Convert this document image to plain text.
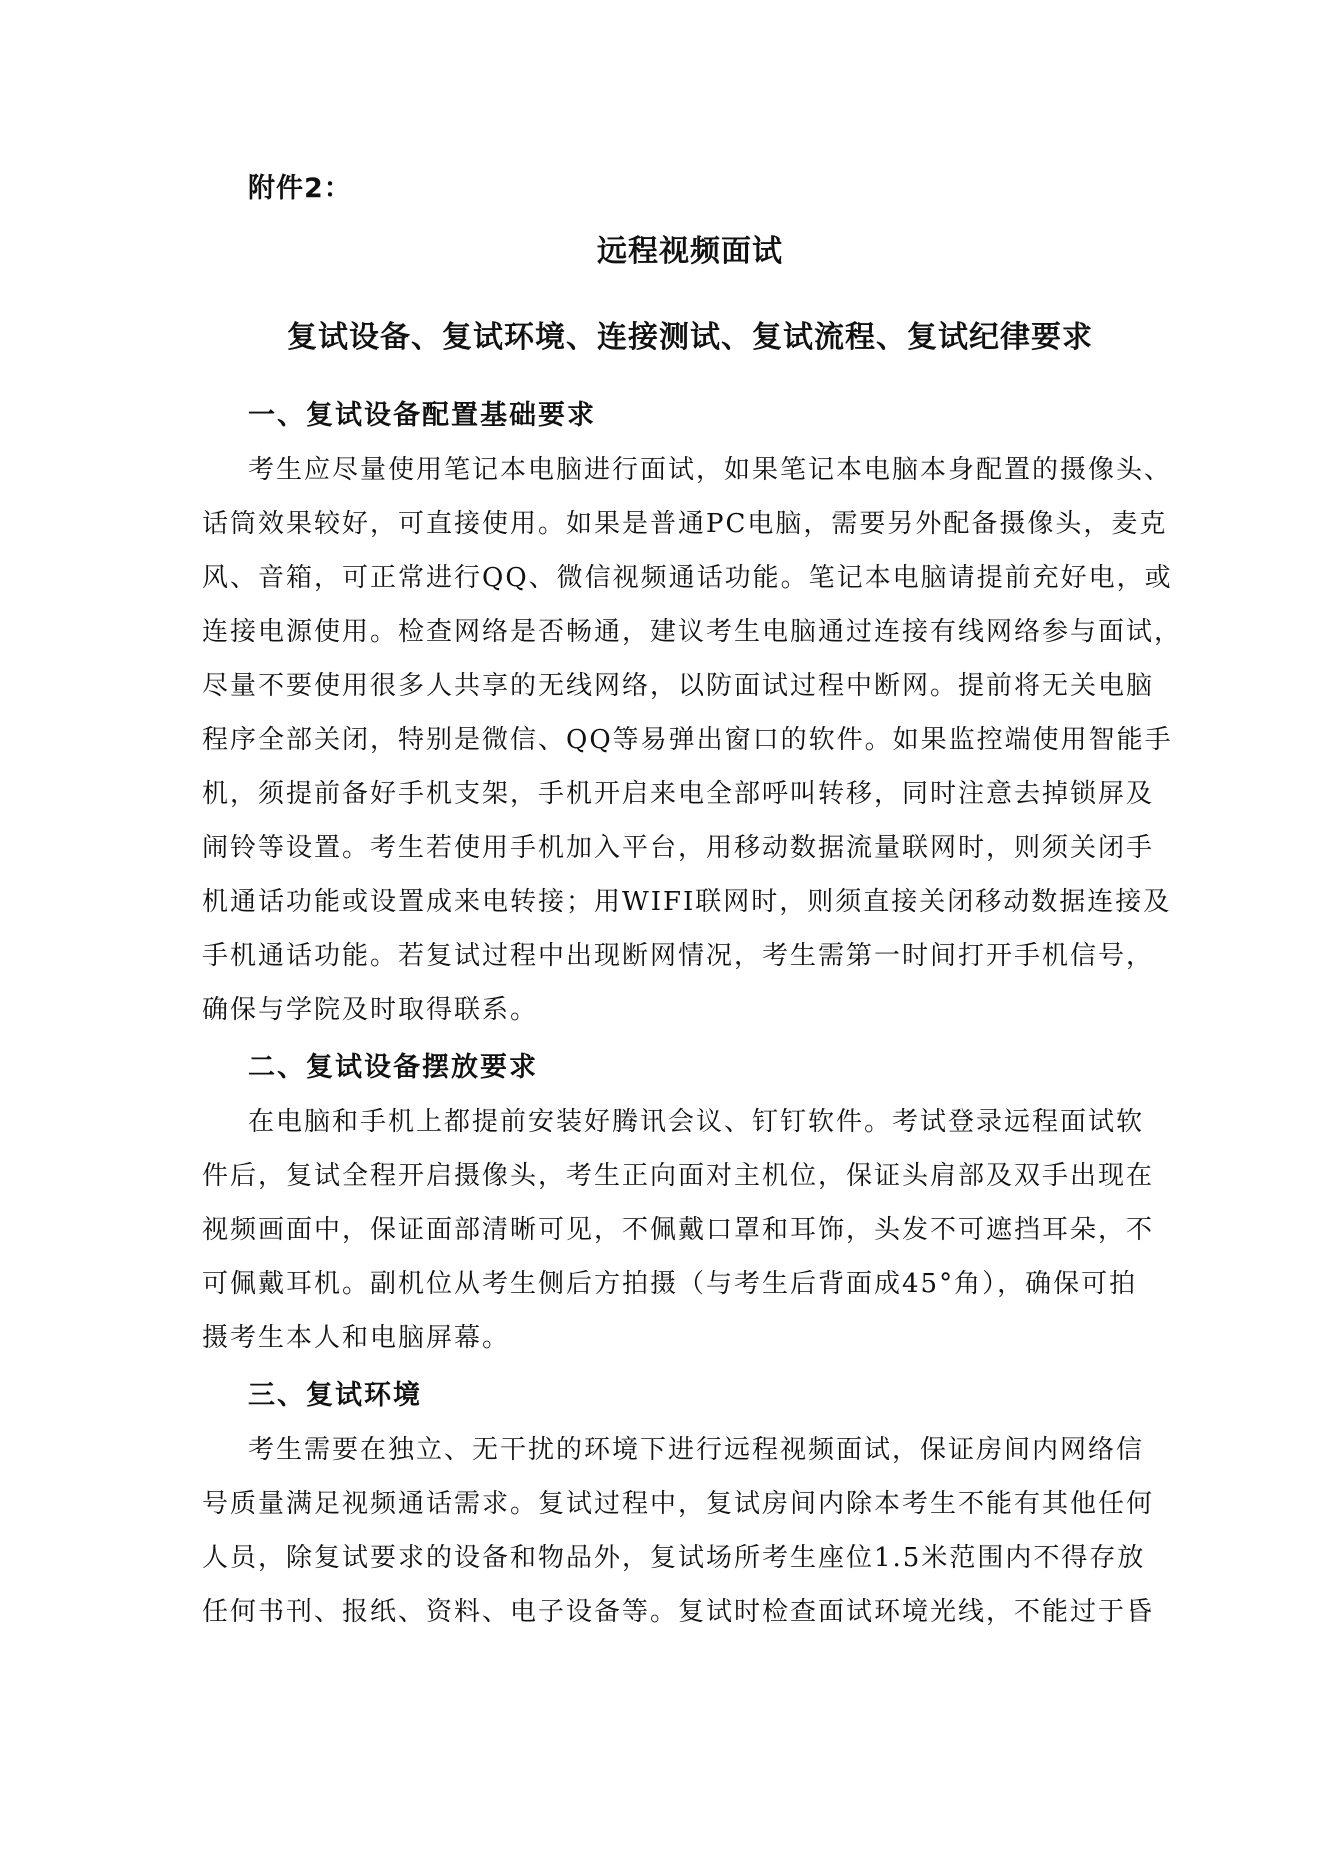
附件2：
远程视频面试
复试设备、复试环境、连接测试、复试流程、复试纪律要求
一、复试设备配置基础要求
考生应尽量使用笔记本电脑进行面试，如果笔记本电脑本身配置的摄像头、
话筒效果较好，可直接使用。如果是普通PC电脑，需要另外配备摄像头，麦克
风、音箱，可正常进行QQ、微信视频通话功能。笔记本电脑请提前充好电，或
连接电源使用。检查网络是否畅通，建议考生电脑通过连接有线网络参与面试，
尽量不要使用很多人共享的无线网络，以防面试过程中断网。提前将无关电脑
程序全部关闭，特别是微信、QQ等易弹出窗口的软件。如果监控端使用智能手
机，须提前备好手机支架，手机开启来电全部呼叫转移，同时注意去掉锁屏及
闹铃等设置。考生若使用手机加入平台，用移动数据流量联网时，则须关闭手
机通话功能或设置成来电转接；用WIFI联网时，则须直接关闭移动数据连接及
手机通话功能。若复试过程中出现断网情况，考生需第一时间打开手机信号，
确保与学院及时取得联系。
二、复试设备摆放要求
在电脑和手机上都提前安装好腾讯会议、钉钉软件。考试登录远程面试软
件后，复试全程开启摄像头，考生正向面对主机位，保证头肩部及双手出现在
视频画面中，保证面部清晰可见，不佩戴口罩和耳饰，头发不可遮挡耳朵，不
可佩戴耳机。副机位从考生侧后方拍摄（与考生后背面成45°角），确保可拍
摄考生本人和电脑屏幕。
三、复试环境
考生需要在独立、无干扰的环境下进行远程视频面试，保证房间内网络信
号质量满足视频通话需求。复试过程中，复试房间内除本考生不能有其他任何
人员，除复试要求的设备和物品外，复试场所考生座位1.5米范围内不得存放
任何书刊、报纸、资料、电子设备等。复试时检查面试环境光线，不能过于昏
